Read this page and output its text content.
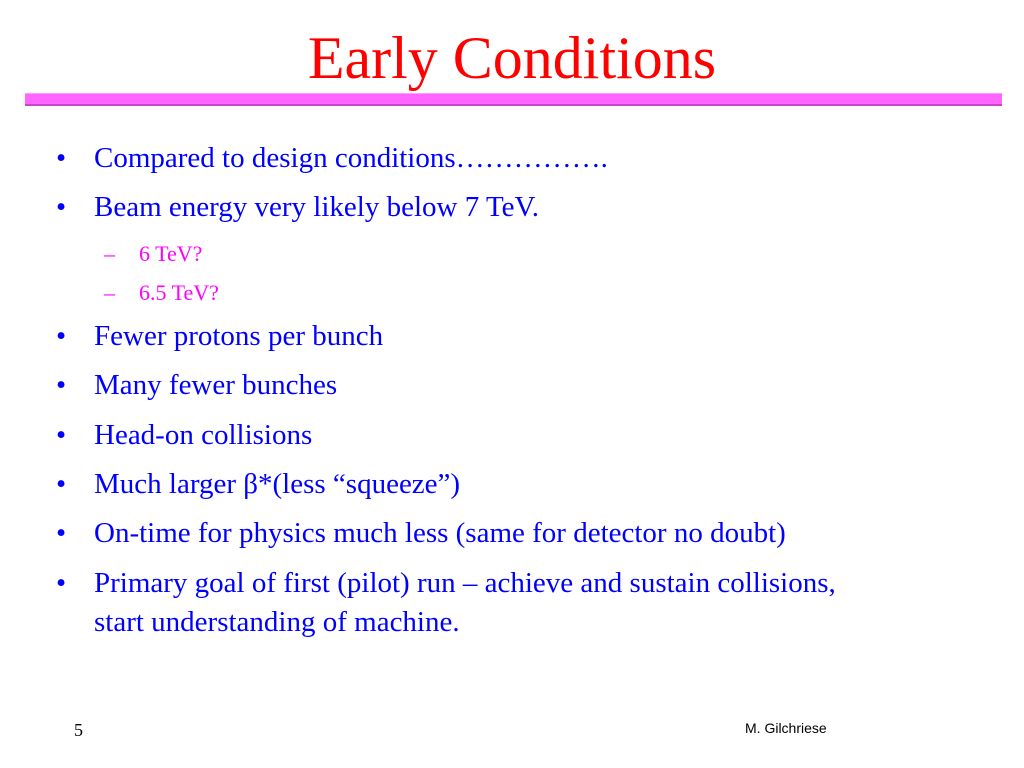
Early Conditions
• Compared to design conditions…………….
• Beam energy very likely below 7 TeV.
– 6 TeV?
– 6.5 TeV?
• Fewer protons per bunch
• Many fewer bunches
• Head-on collisions
• Much larger β*(less “squeeze”)
• On-time for physics much less (same for detector no doubt)
• Primary goal of first (pilot) run – achieve and sustain collisions, start understanding of machine.
5	M. Gilchriese
